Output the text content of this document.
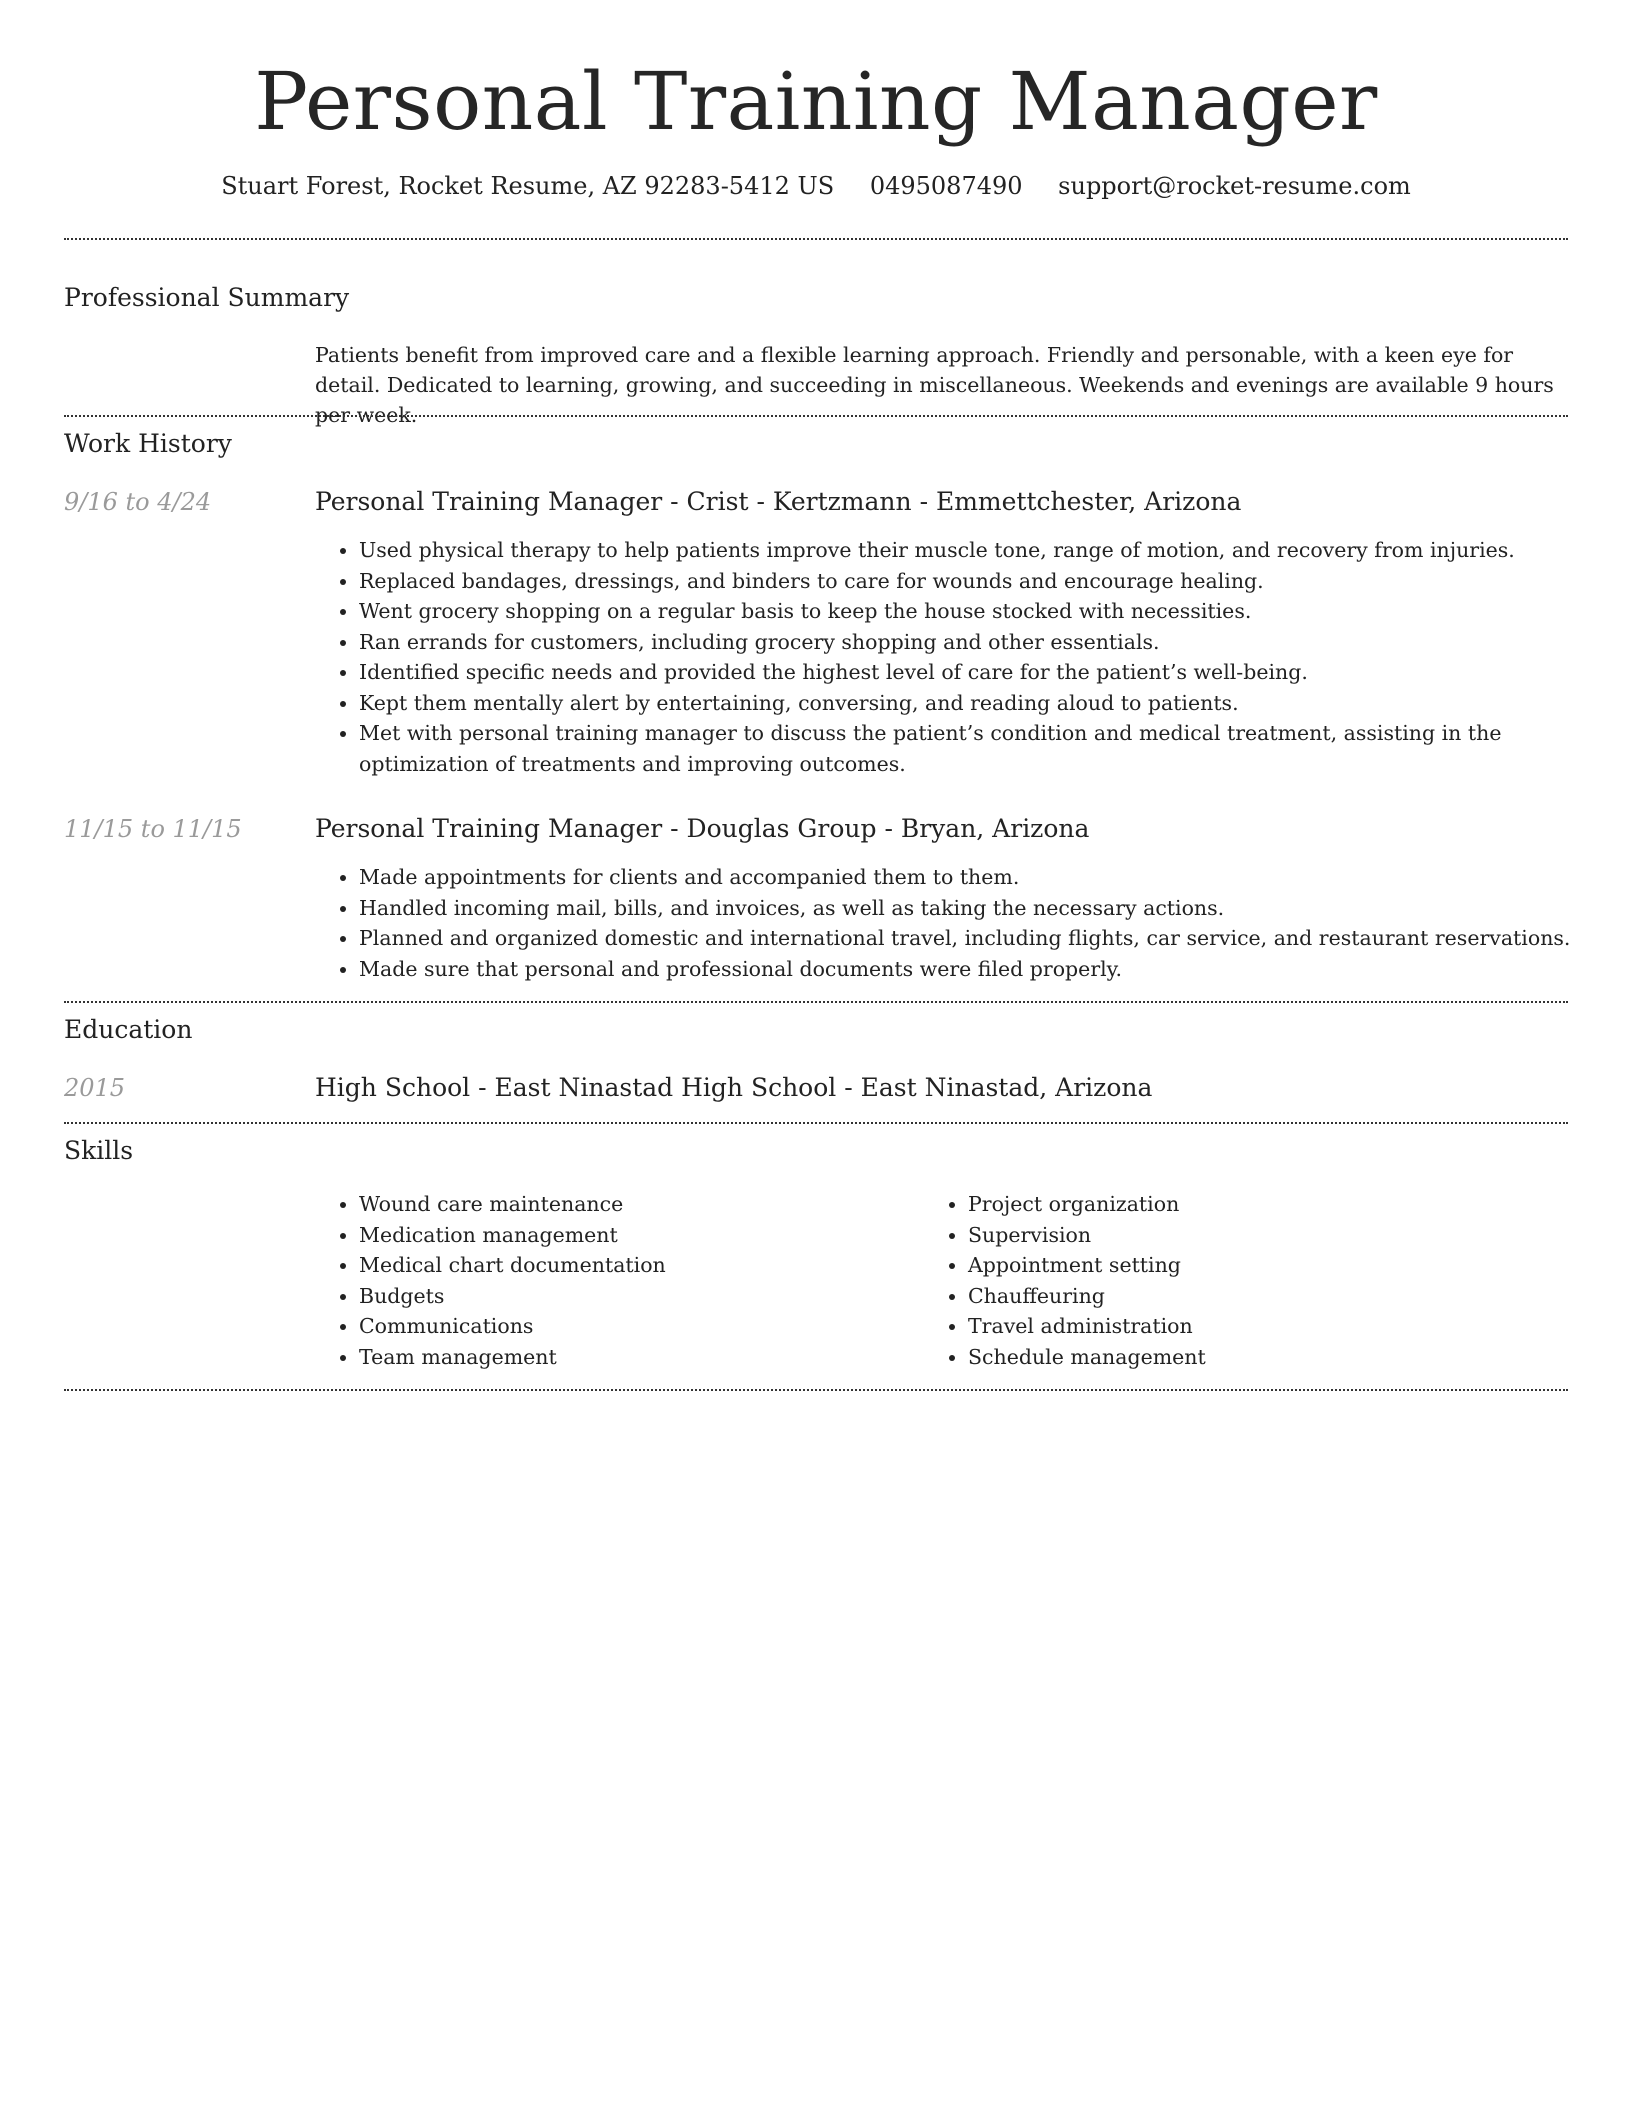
Personal Training Manager
Stuart Forest, Rocket Resume, AZ 92283-5412 US 0495087490 support@rocket-resume.com
Professional Summary

Patients benefit from improved care and a flexible learning approach. Friendly and personable, with a keen eye for detail. Dedicated to learning, growing, and succeeding in miscellaneous. Weekends and evenings are available 9 hours per week.

Work History
9/16 to 4/24	Personal Training Manager - Crist - Kertzmann - Emmettchester, Arizona
• Used physical therapy to help patients improve their muscle tone, range of motion, and recovery from injuries.
• Replaced bandages, dressings, and binders to care for wounds and encourage healing.
• Went grocery shopping on a regular basis to keep the house stocked with necessities.
• Ran errands for customers, including grocery shopping and other essentials.
• Identified specific needs and provided the highest level of care for the patient’s well-being.
• Kept them mentally alert by entertaining, conversing, and reading aloud to patients.
• Met with personal training manager to discuss the patient’s condition and medical treatment, assisting in the optimization of treatments and improving outcomes.
11/15 to 11/15	Personal Training Manager - Douglas Group - Bryan, Arizona
• Made appointments for clients and accompanied them to them.
• Handled incoming mail, bills, and invoices, as well as taking the necessary actions.
• Planned and organized domestic and international travel, including flights, car service, and restaurant reservations.
• Made sure that personal and professional documents were filed properly.
Education
2015	High School - East Ninastad High School - East Ninastad, Arizona
Skills
• Wound care maintenance
• Medication management
• Medical chart documentation
• Budgets
• Communications
• Team management
• Project organization
• Supervision
• Appointment setting
• Chauffeuring
• Travel administration
• Schedule management
